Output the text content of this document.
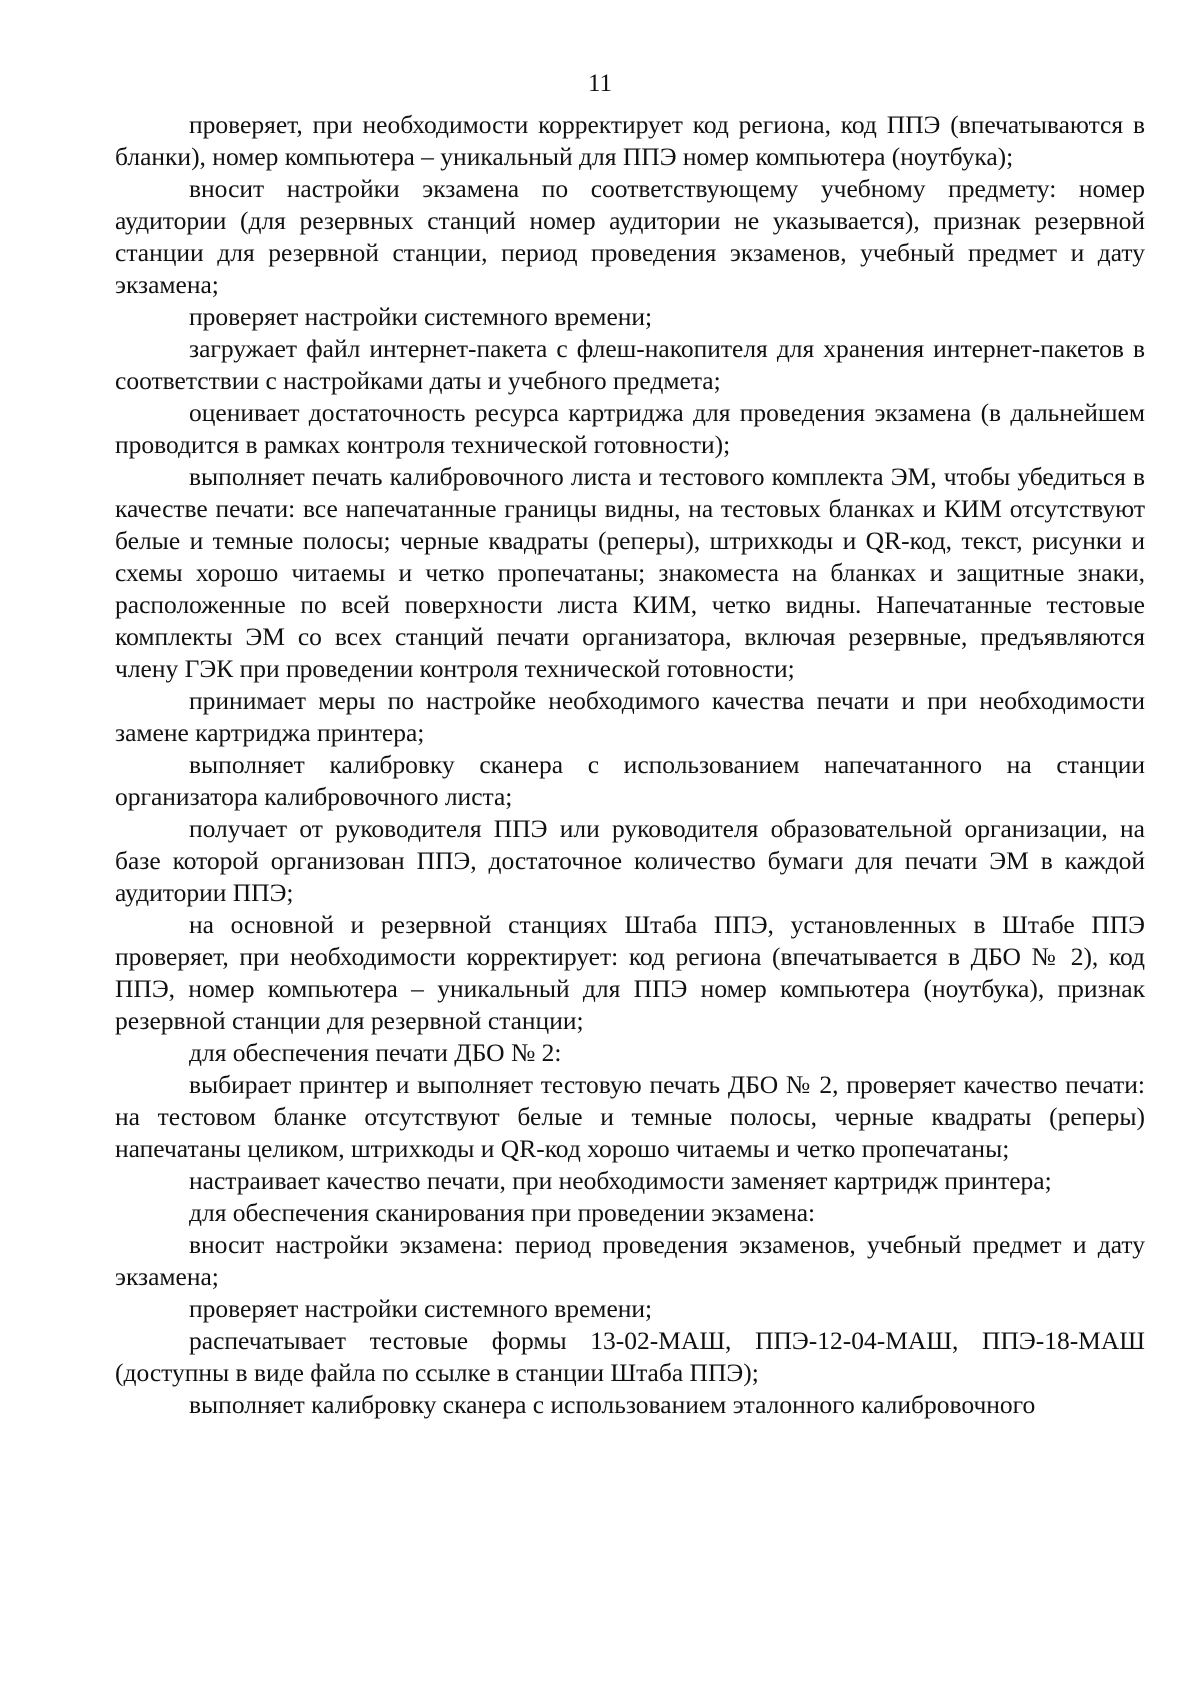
11

проверяет, при необходимости корректирует код региона, код ППЭ (впечатываются в бланки), номер компьютера – уникальный для ППЭ номер компьютера (ноутбука);

вносит настройки экзамена по соответствующему учебному предмету: номер аудитории (для резервных станций номер аудитории не указывается), признак резервной станции для резервной станции, период проведения экзаменов, учебный предмет и дату экзамена;

проверяет настройки системного времени;

загружает файл интернет-пакета с флеш-накопителя для хранения интернет-пакетов в соответствии с настройками даты и учебного предмета;

оценивает достаточность ресурса картриджа для проведения экзамена (в дальнейшем проводится в рамках контроля технической готовности);

выполняет печать калибровочного листа и тестового комплекта ЭМ, чтобы убедиться в качестве печати: все напечатанные границы видны, на тестовых бланках и КИМ отсутствуют белые и темные полосы; черные квадраты (реперы), штрихкоды и QR-код, текст, рисунки и схемы хорошо читаемы и четко пропечатаны; знакоместа на бланках и защитные знаки, расположенные по всей поверхности листа КИМ, четко видны. Напечатанные тестовые комплекты ЭМ со всех станций печати организатора, включая резервные, предъявляются члену ГЭК при проведении контроля технической готовности;

принимает меры по настройке необходимого качества печати и при необходимости замене картриджа принтера;

выполняет калибровку сканера с использованием напечатанного на станции организатора калибровочного листа;

получает от руководителя ППЭ или руководителя образовательной организации, на базе которой организован ППЭ, достаточное количество бумаги для печати ЭМ в каждой аудитории ППЭ;

на основной и резервной станциях Штаба ППЭ, установленных в Штабе ППЭ проверяет, при необходимости корректирует: код региона (впечатывается в ДБО № 2), код ППЭ, номер компьютера – уникальный для ППЭ номер компьютера (ноутбука), признак резервной станции для резервной станции;

для обеспечения печати ДБО № 2:

выбирает принтер и выполняет тестовую печать ДБО № 2, проверяет качество печати: на тестовом бланке отсутствуют белые и темные полосы, черные квадраты (реперы) напечатаны целиком, штрихкоды и QR-код хорошо читаемы и четко пропечатаны;

настраивает качество печати, при необходимости заменяет картридж принтера;

для обеспечения сканирования при проведении экзамена:

вносит настройки экзамена: период проведения экзаменов, учебный предмет и дату экзамена;

проверяет настройки системного времени;

распечатывает тестовые формы 13-02-МАШ, ППЭ-12-04-МАШ, ППЭ-18-МАШ (доступны в виде файла по ссылке в станции Штаба ППЭ);

выполняет калибровку сканера с использованием эталонного калибровочного
